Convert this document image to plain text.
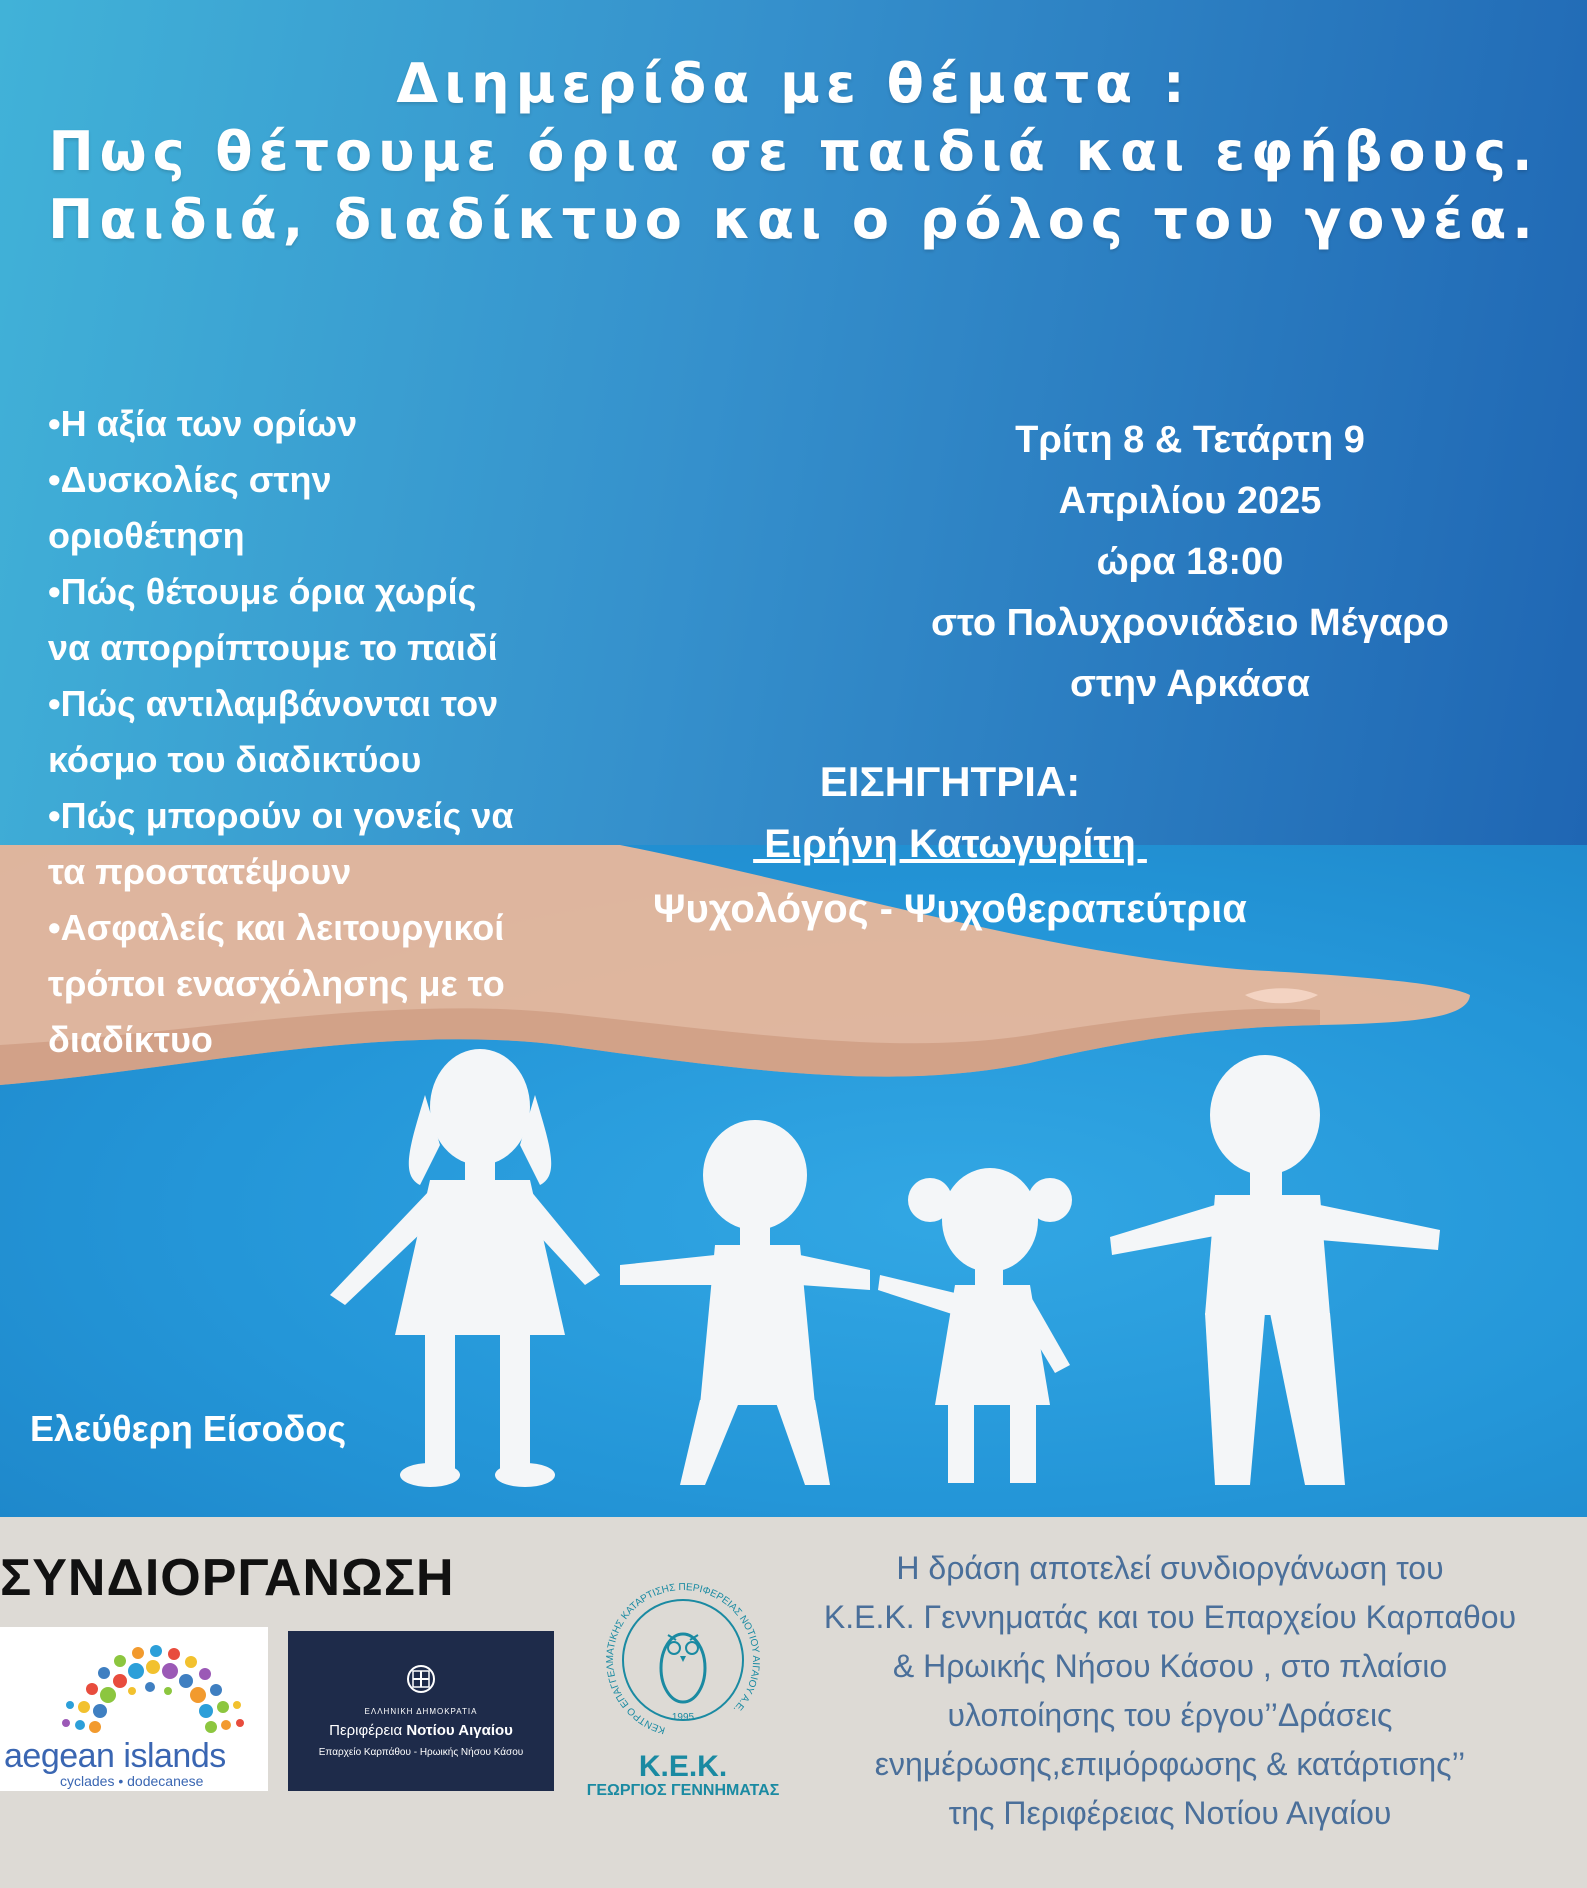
Διημερίδα με θέματα :
Πως θέτουμε όρια σε παιδιά και εφήβους.
Παιδιά, διαδίκτυο και ο ρόλος του γονέα.
•Η αξία των ορίων
•Δυσκολίες στην
οριοθέτηση
•Πώς θέτουμε όρια χωρίς
να απορρίπτουμε το παιδί
•Πώς αντιλαμβάνονται τον
κόσμο του διαδικτύου
•Πώς μπορούν οι γονείς να
τα προστατέψουν
•Ασφαλείς και λειτουργικοί
τρόποι ενασχόλησης με το
διαδίκτυο
Τρίτη 8 & Τετάρτη 9
Απριλίου 2025
ώρα 18:00
στο Πολυχρονιάδειο Μέγαρο
στην Αρκάσα
ΕΙΣΗΓΗΤΡΙΑ:
Ειρήνη Κατωγυρίτη
Ψυχολόγος - Ψυχοθεραπεύτρια
Ελεύθερη Είσοδος
ΣΥΝΔΙΟΡΓΑΝΩΣΗ
aegean islands
cyclades • dodecanese
ΕΛΛΗΝΙΚΗ ΔΗΜΟΚΡΑΤΙΑ
Περιφέρεια Νοτίου Αιγαίου
Επαρχείο Καρπάθου - Ηρωικής Νήσου Κάσου
ΚΕΝΤΡΟ ΕΠΑΓΓΕΛΜΑΤΙΚΗΣ ΚΑΤΑΡΤΙΣΗΣ ΠΕΡΙΦΕΡΕΙΑΣ ΝΟΤΙΟΥ ΑΙΓΑΙΟΥ Α.Ε.
1995
Κ.Ε.Κ.
ΓΕΩΡΓΙΟΣ ΓΕΝΝΗΜΑΤΑΣ
Η δράση αποτελεί συνδιοργάνωση του
Κ.Ε.Κ. Γεννηματάς και του Επαρχείου Καρπαθου
& Ηρωικής Νήσου Κάσου , στο πλαίσιο
υλοποίησης του έργου’’Δράσεις
ενημέρωσης,επιμόρφωσης & κατάρτισης’’
της Περιφέρειας Νοτίου Αιγαίου
